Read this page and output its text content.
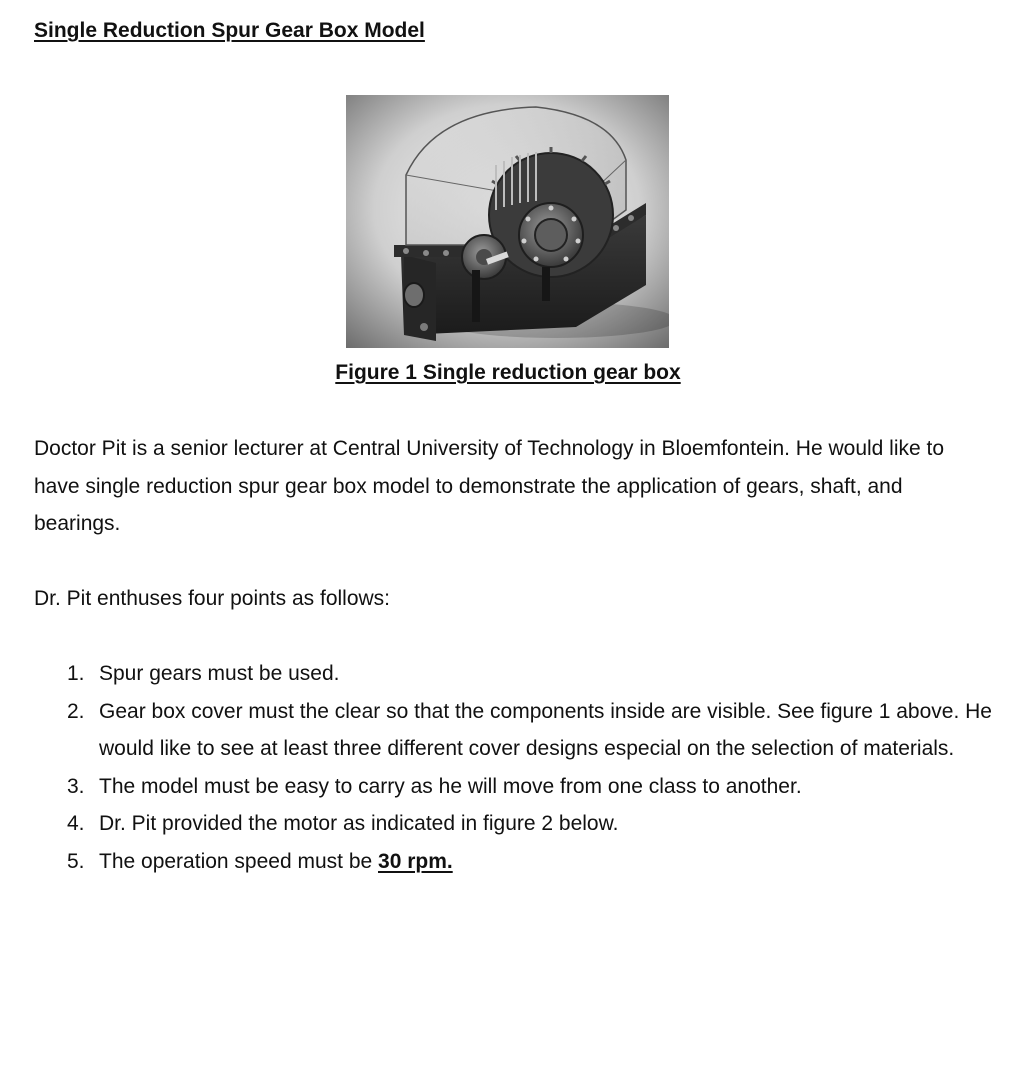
Single Reduction Spur Gear Box Model
Figure 1 Single reduction gear box

Doctor Pit is a senior lecturer at Central University of Technology in Bloemfontein. He would like to have single reduction spur gear box model to demonstrate the application of gears, shaft, and bearings.

Dr. Pit enthuses four points as follows:

1. Spur gears must be used.
2. Gear box cover must the clear so that the components inside are visible. See figure 1 above. He would like to see at least three different cover designs especial on the selection of materials.
3. The model must be easy to carry as he will move from one class to another.
4. Dr. Pit provided the motor as indicated in figure 2 below.
5. The operation speed must be 30 rpm.
